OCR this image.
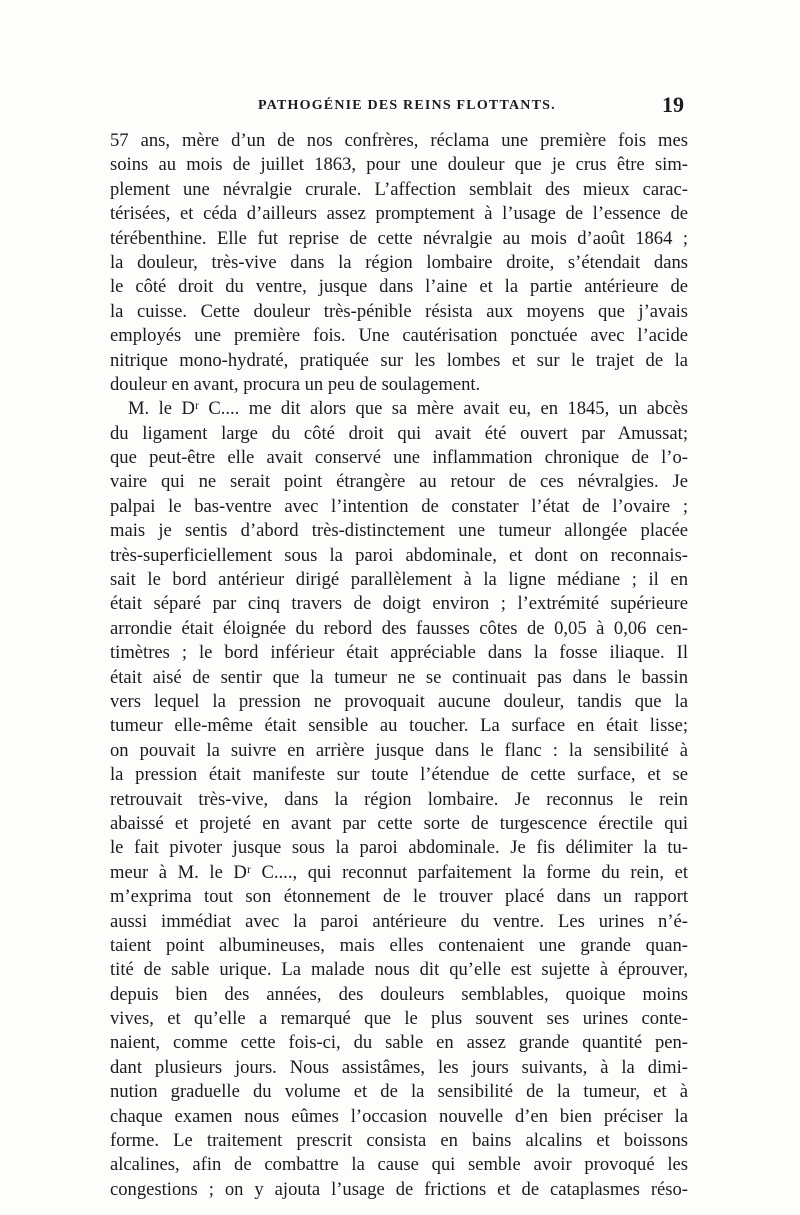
PATHOGÉNIE DES REINS FLOTTANTS.	19
57 ans, mère d’un de nos confrères, réclama une première fois mes
soins au mois de juillet 1863, pour une douleur que je crus être sim-
plement une névralgie crurale. L’affection semblait des mieux carac-
térisées, et céda d’ailleurs assez promptement à l’usage de l’essence de
térébenthine. Elle fut reprise de cette névralgie au mois d’août 1864 ;
la douleur, très-vive dans la région lombaire droite, s’étendait dans
le côté droit du ventre, jusque dans l’aine et la partie antérieure de
la cuisse. Cette douleur très-pénible résista aux moyens que j’avais
employés une première fois. Une cautérisation ponctuée avec l’acide
nitrique mono-hydraté, pratiquée sur les lombes et sur le trajet de la
douleur en avant, procura un peu de soulagement.
M. le Dʳ C.... me dit alors que sa mère avait eu, en 1845, un abcès
du ligament large du côté droit qui avait été ouvert par Amussat;
que peut-être elle avait conservé une inflammation chronique de l’o-
vaire qui ne serait point étrangère au retour de ces névralgies. Je
palpai le bas-ventre avec l’intention de constater l’état de l’ovaire ;
mais je sentis d’abord très-distinctement une tumeur allongée placée
très-superficiellement sous la paroi abdominale, et dont on reconnais-
sait le bord antérieur dirigé parallèlement à la ligne médiane ; il en
était séparé par cinq travers de doigt environ ; l’extrémité supérieure
arrondie était éloignée du rebord des fausses côtes de 0,05 à 0,06 cen-
timètres ; le bord inférieur était appréciable dans la fosse iliaque. Il
était aisé de sentir que la tumeur ne se continuait pas dans le bassin
vers lequel la pression ne provoquait aucune douleur, tandis que la
tumeur elle-même était sensible au toucher. La surface en était lisse;
on pouvait la suivre en arrière jusque dans le flanc : la sensibilité à
la pression était manifeste sur toute l’étendue de cette surface, et se
retrouvait très-vive, dans la région lombaire. Je reconnus le rein
abaissé et projeté en avant par cette sorte de turgescence érectile qui
le fait pivoter jusque sous la paroi abdominale. Je fis délimiter la tu-
meur à M. le Dʳ C...., qui reconnut parfaitement la forme du rein, et
m’exprima tout son étonnement de le trouver placé dans un rapport
aussi immédiat avec la paroi antérieure du ventre. Les urines n’é-
taient point albumineuses, mais elles contenaient une grande quan-
tité de sable urique. La malade nous dit qu’elle est sujette à éprouver,
depuis bien des années, des douleurs semblables, quoique moins
vives, et qu’elle a remarqué que le plus souvent ses urines conte-
naient, comme cette fois-ci, du sable en assez grande quantité pen-
dant plusieurs jours. Nous assistâmes, les jours suivants, à la dimi-
nution graduelle du volume et de la sensibilité de la tumeur, et à
chaque examen nous eûmes l’occasion nouvelle d’en bien préciser la
forme. Le traitement prescrit consista en bains alcalins et boissons
alcalines, afin de combattre la cause qui semble avoir provoqué les
congestions ; on y ajouta l’usage de frictions et de cataplasmes réso-
